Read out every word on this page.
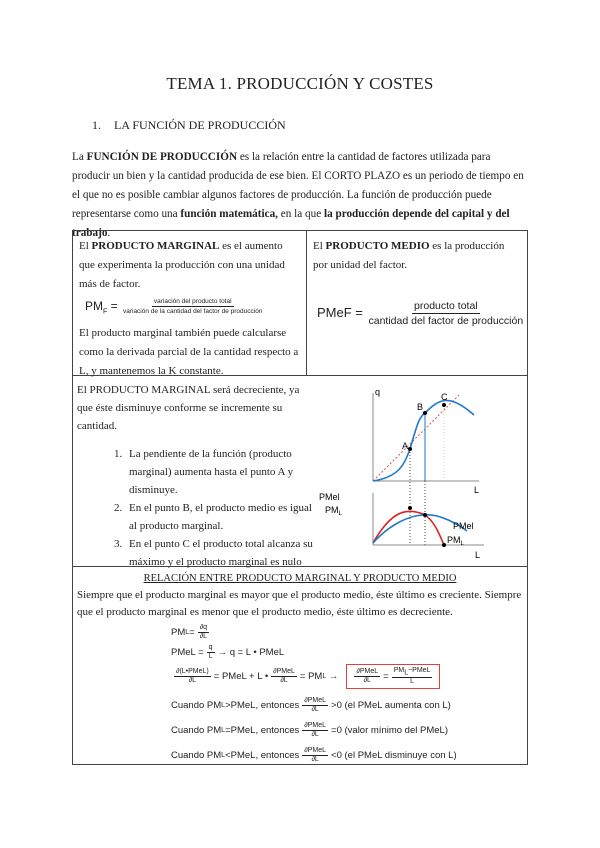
TEMA 1. PRODUCCIÓN Y COSTES
1. LA FUNCIÓN DE PRODUCCIÓN
La FUNCIÓN DE PRODUCCIÓN es la relación entre la cantidad de factores utilizada para producir un bien y la cantidad producida de ese bien. El CORTO PLAZO es un periodo de tiempo en el que no es posible cambiar algunos factores de producción. La función de producción puede representarse como una función matemática, en la que la producción depende del capital y del trabajo.
El PRODUCTO MARGINAL es el aumento que experimenta la producción con una unidad más de factor.
$PM_F = \frac{\text{variación del producto total}}{\text{variación de la cantidad del factor de producción}}$
El producto marginal también puede calcularse como la derivada parcial de la cantidad respecto a L, y mantenemos la K constante.
El PRODUCTO MEDIO es la producción por unidad del factor.
PMeF = $\frac{\text{producto total}}{\text{cantidad del factor de producción}}$
El PRODUCTO MARGINAL será decreciente, ya que éste disminuye conforme se incremente su cantidad.
1. La pendiente de la función (producto marginal) aumenta hasta el punto A y disminuye.
2. En el punto B, el producto medio es igual al producto marginal.
3. En el punto C el producto total alcanza su máximo y el producto marginal es nulo
q
B
C
A
L
PMel
$PM_L$
PMel
$PM_L$
L
RELACIÓN ENTRE PRODUCTO MARGINAL Y PRODUCTO MEDIO
Siempre que el producto marginal es mayor que el producto medio, éste último es creciente. Siempre que el producto marginal es menor que el producto medio, éste último es decreciente.
PM $L = \frac{\partial q}{\partial L}$
PMeL = $\frac{q}{L} \to q = L$ • PMeL
$\frac{\text{∂(L•PMeL)}}{\partial L}$ = PMeL + L • $\frac{\text{∂PMeL}}{\partial L}$ = PM L
→ $\frac{\text{∂PMeL}}{\partial L} = \frac{PM_L-PMeL}{L}$
Cuando PM L >PMeL, entonces $\frac{\text{∂PMeL}}{\partial L} >0$ (el PMeL aumenta con L)
Cuando PM L =PMeL, entonces $\frac{\text{∂PMeL}}{\partial L} =0$ (valor mínimo del PMeL)
Cuando PM L <PMeL, entonces $\frac{\text{∂PMeL}}{\partial L} <0$ (el PMeL disminuye con L)
